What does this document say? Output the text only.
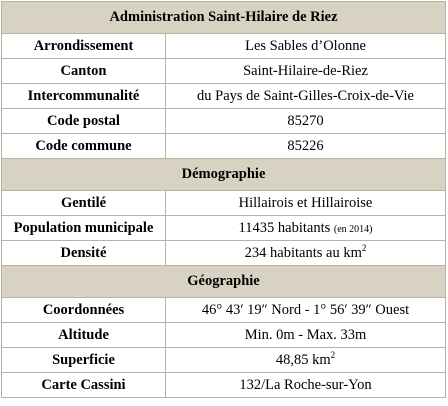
Administration Saint-Hilaire de Riez	
Arrondissement	Les Sables d’Olonne
Canton	Saint-Hilaire-de-Riez
Intercommunalité	du Pays de Saint-Gilles-Croix-de-Vie
Code postal	85270
Code commune	85226
Démographie	
Gentilé	Hillairois et Hillairoise
Population municipale	11435 habitants (en 2014)
Densité	234 habitants au $km^2$
Géographie	
Coordonnées	46° 43′ 19″ Nord - 1° 56′ 39″ Ouest
Altitude	Min. 0m - Max. 33m
Superficie	48,85 $km^2$
Carte Cassini	132/La Roche-sur-Yon
